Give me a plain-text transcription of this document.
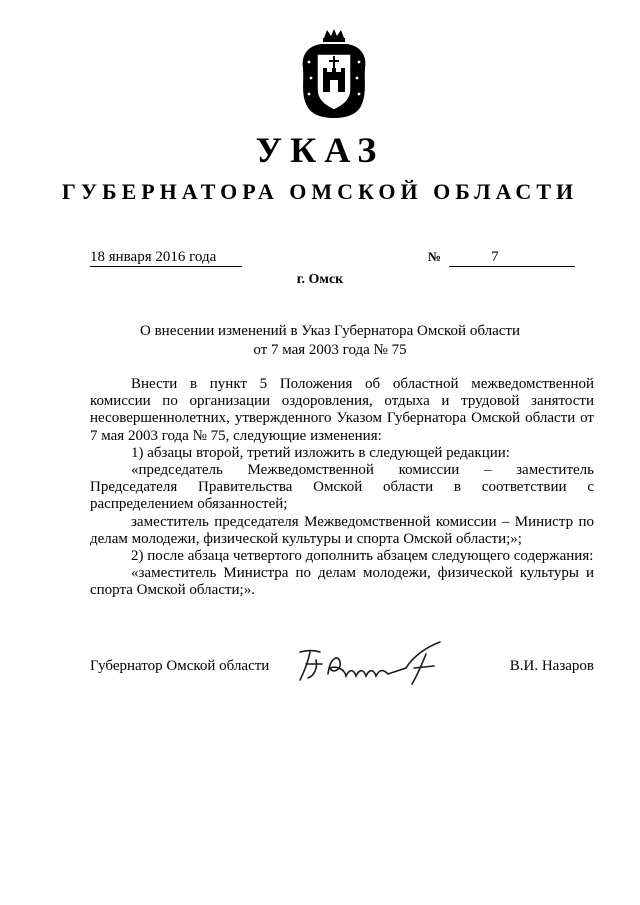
УКАЗ
ГУБЕРНАТОРА ОМСКОЙ ОБЛАСТИ
18 января 2016 года	№	7
г. Омск
О внесении изменений в Указ Губернатора Омской области
от 7 мая 2003 года № 75

Внести в пункт 5 Положения об областной межведомственной комиссии по организации оздоровления, отдыха и трудовой занятости несовершеннолетних, утвержденного Указом Губернатора Омской области от 7 мая 2003 года № 75, следующие изменения:

1) абзацы второй, третий изложить в следующей редакции:

«председатель Межведомственной комиссии – заместитель Председателя Правительства Омской области в соответствии с распределением обязанностей;

заместитель председателя Межведомственной комиссии – Министр по делам молодежи, физической культуры и спорта Омской области;»;

2) после абзаца четвертого дополнить абзацем следующего содержания:

«заместитель Министра по делам молодежи, физической культуры и спорта Омской области;».

Губернатор Омской области	В.И. Назаров
